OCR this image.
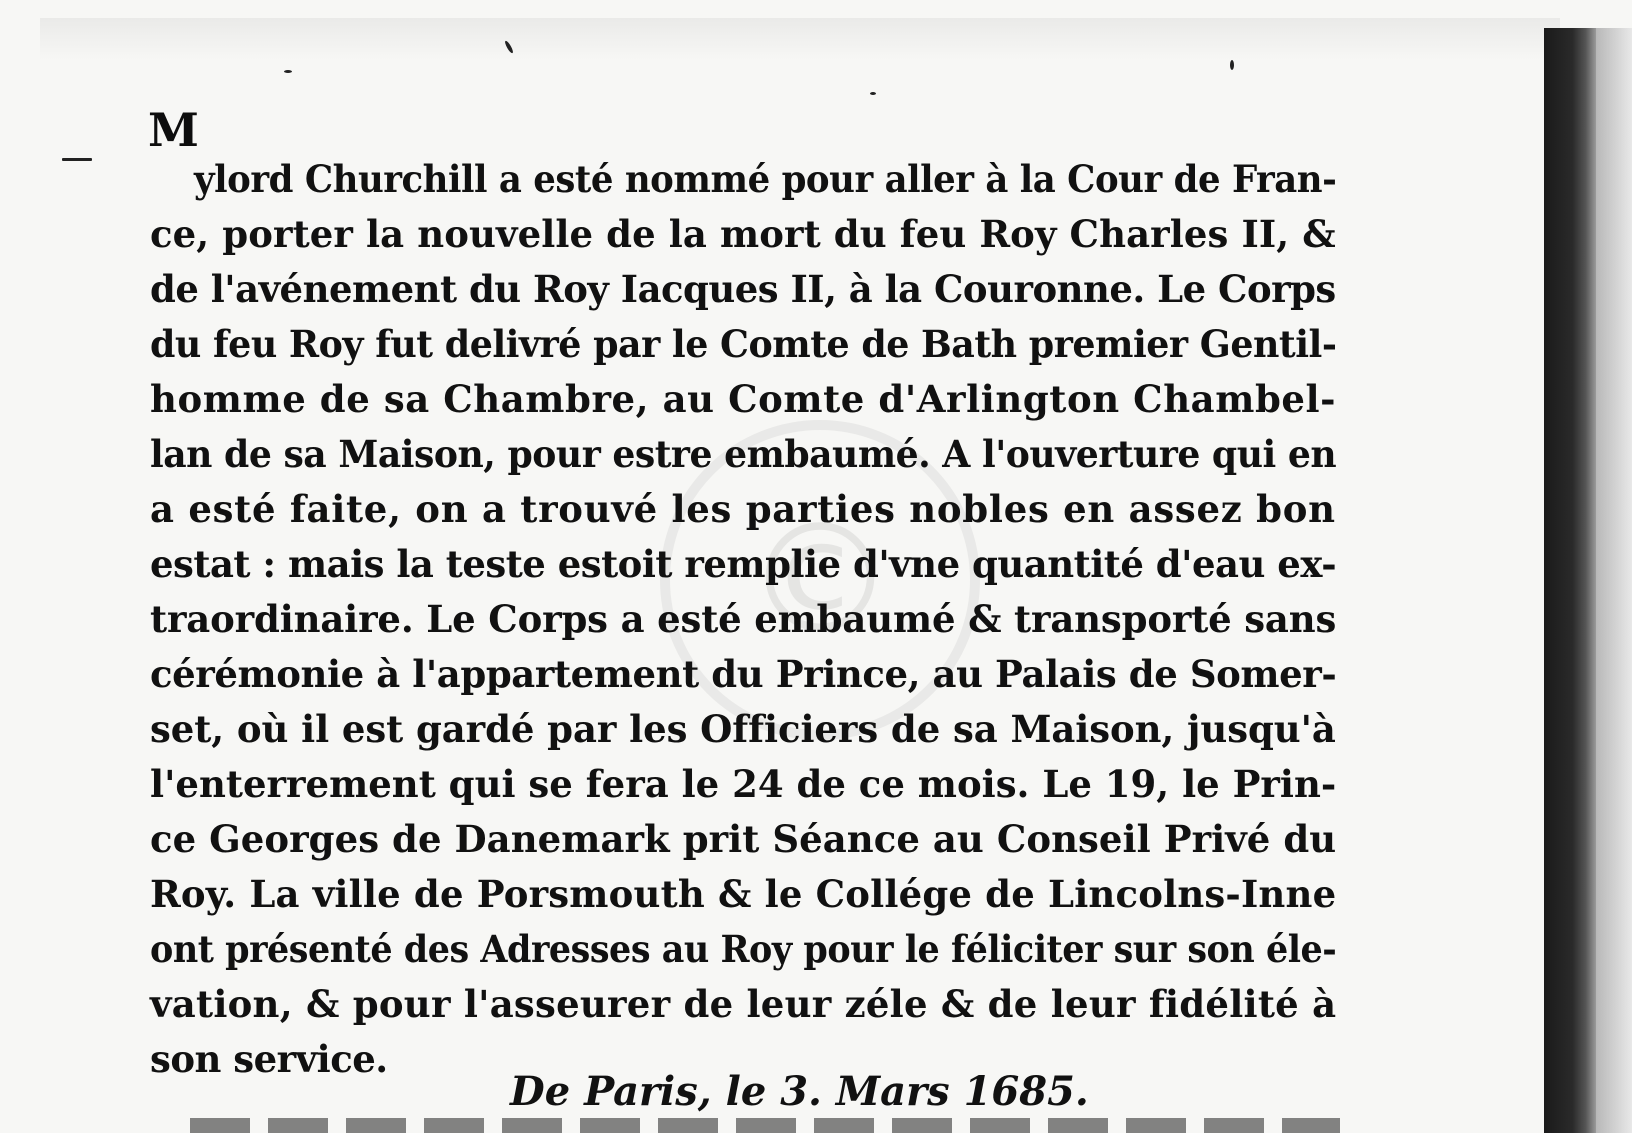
©
M
ylord Churchill a esté nommé pour aller à la Cour de Fran-
ce, porter la nouvelle de la mort du feu Roy Charles II, &
de l'avénement du Roy Iacques II, à la Couronne. Le Corps
du feu Roy fut delivré par le Comte de Bath premier Gentil-
homme de sa Chambre, au Comte d'Arlington Chambel-
lan de sa Maison, pour estre embaumé. A l'ouverture qui en
a esté faite, on a trouvé les parties nobles en assez bon
estat : mais la teste estoit remplie d'vne quantité d'eau ex-
traordinaire. Le Corps a esté embaumé & transporté sans
cérémonie à l'appartement du Prince, au Palais de Somer-
set, où il est gardé par les Officiers de sa Maison, jusqu'à
l'enterrement qui se fera le 24 de ce mois. Le 19, le Prin-
ce Georges de Danemark prit Séance au Conseil Privé du
Roy. La ville de Porsmouth & le Collége de Lincolns-Inne
ont présenté des Adresses au Roy pour le féliciter sur son éle-
vation, & pour l'asseurer de leur zéle & de leur fidélité à
son service.
De Paris, le 3. Mars 1685.
